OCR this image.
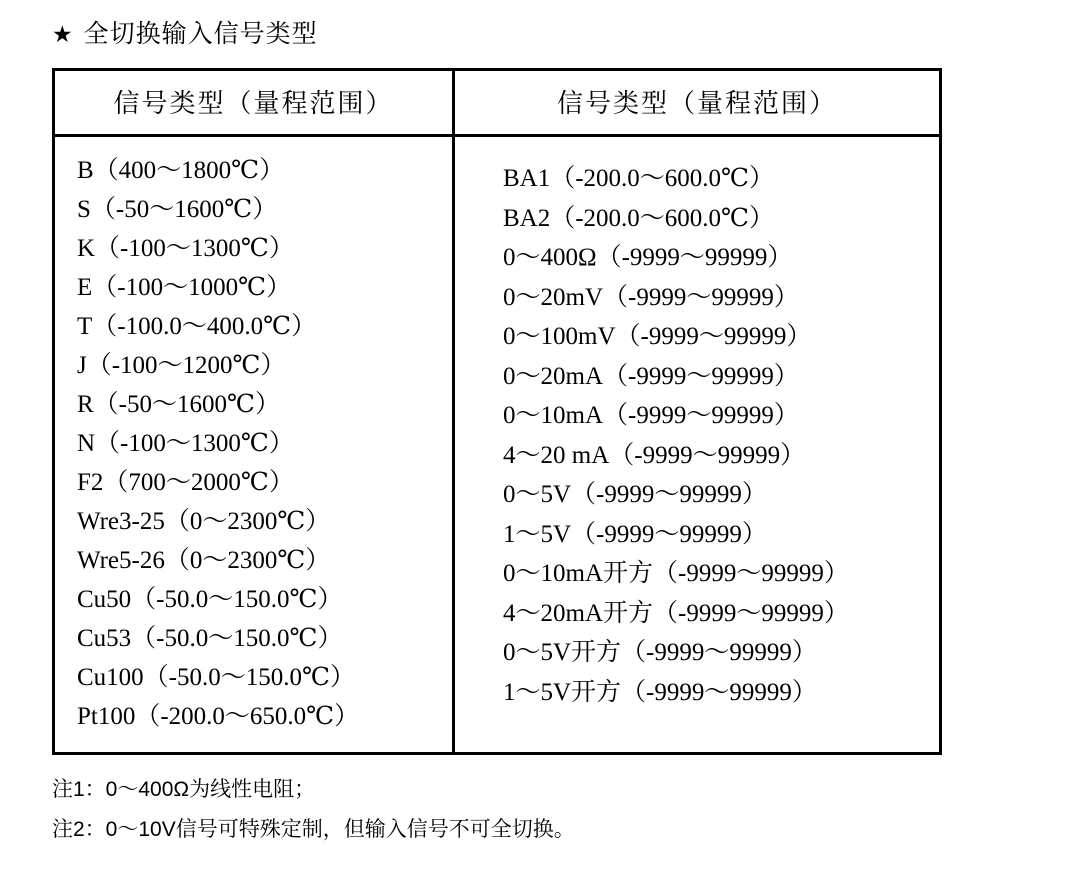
★ 全切换输入信号类型
信号类型（量程范围）	信号类型（量程范围）

B（400～1800℃）
S（-50～1600℃）
K（-100～1300℃）
E（-100～1000℃）
T（-100.0～400.0℃）
J（-100～1200℃）
R（-50～1600℃）
N（-100～1300℃）
F2（700～2000℃）
Wre3-25（0～2300℃）
Wre5-26（0～2300℃）
Cu50（-50.0～150.0℃）
Cu53（-50.0～150.0℃）
Cu100（-50.0～150.0℃）
Pt100（-200.0～650.0℃）

BA1（-200.0～600.0℃）
BA2（-200.0～600.0℃）
0～400Ω（-9999～99999）
0～20mV（-9999～99999）
0～100mV（-9999～99999）
0～20mA（-9999～99999）
0～10mA（-9999～99999）
4～20 mA（-9999～99999）
0～5V（-9999～99999）
1～5V（-9999～99999）
0～10mA开方（-9999～99999）
4～20mA开方（-9999～99999）
0～5V开方（-9999～99999）
1～5V开方（-9999～99999）
注1：0～400Ω为线性电阻；
注2：0～10V信号可特殊定制，但输入信号不可全切换。
